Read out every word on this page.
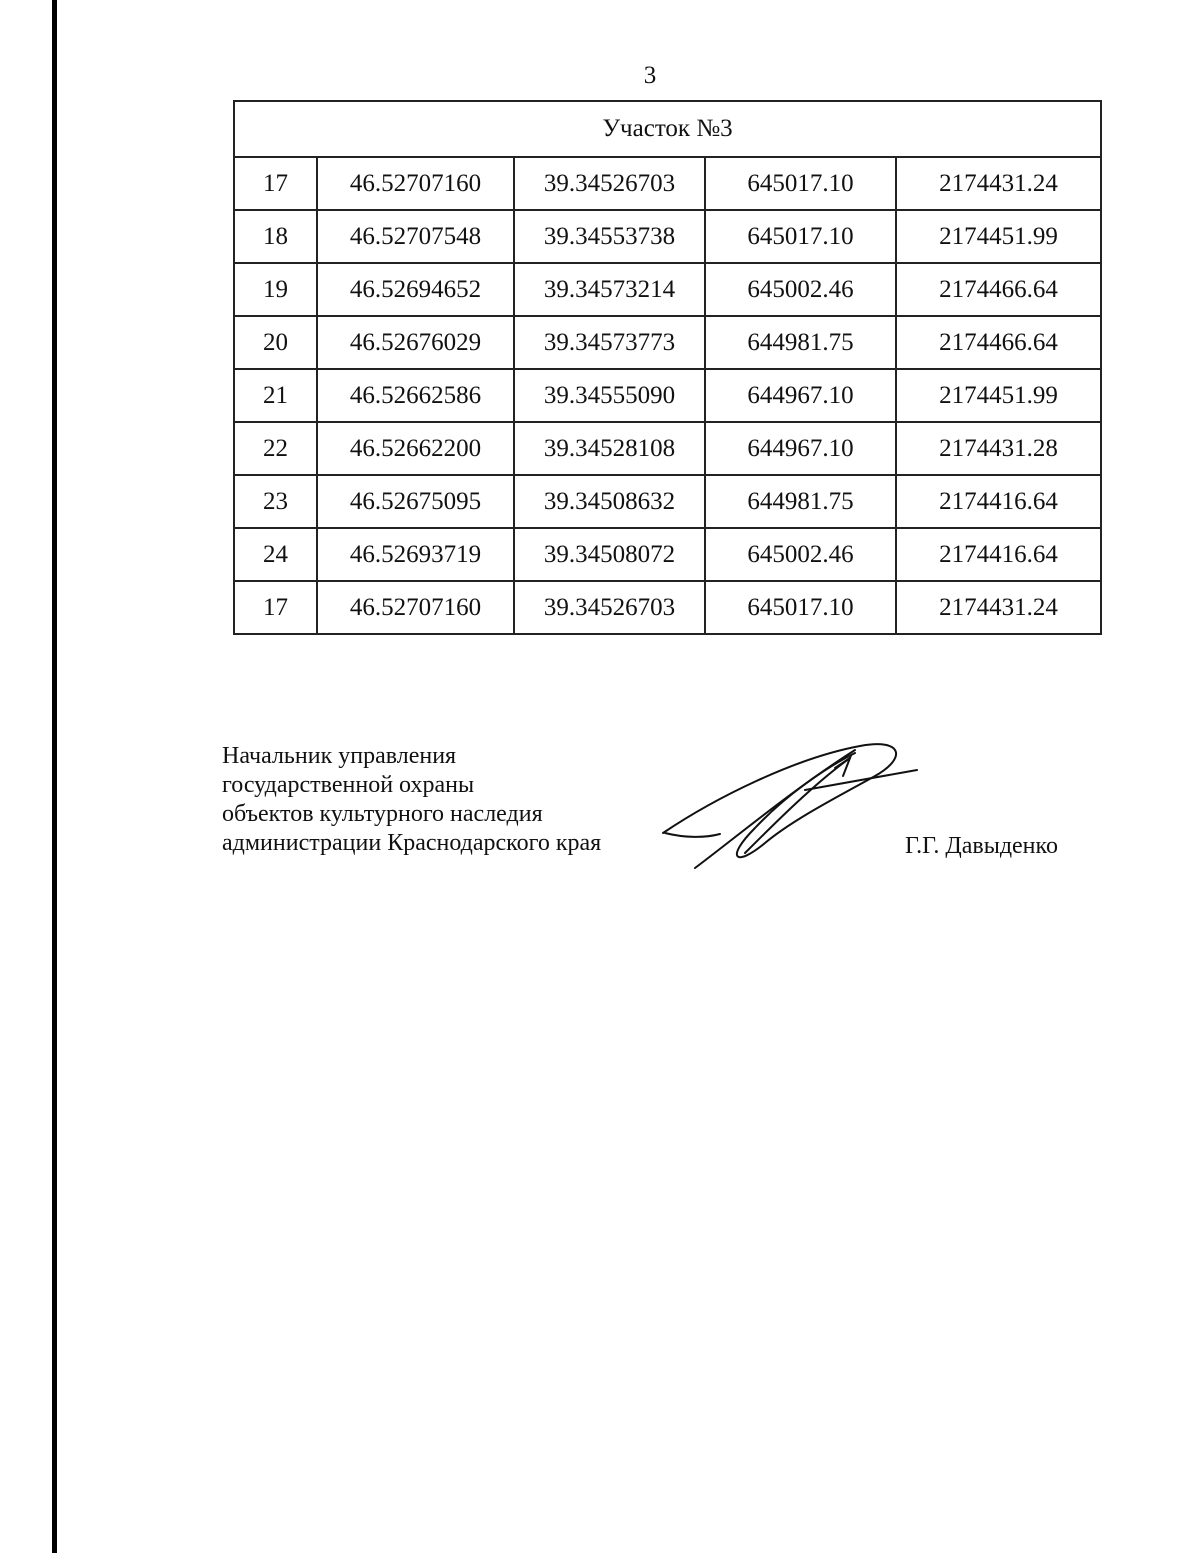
3
Участок №3				
17	46.52707160	39.34526703	645017.10	2174431.24
18	46.52707548	39.34553738	645017.10	2174451.99
19	46.52694652	39.34573214	645002.46	2174466.64
20	46.52676029	39.34573773	644981.75	2174466.64
21	46.52662586	39.34555090	644967.10	2174451.99
22	46.52662200	39.34528108	644967.10	2174431.28
23	46.52675095	39.34508632	644981.75	2174416.64
24	46.52693719	39.34508072	645002.46	2174416.64
17	46.52707160	39.34526703	645017.10	2174431.24
Начальник управления
государственной охраны
объектов культурного наследия
администрации Краснодарского края	Г.Г. Давыденко
